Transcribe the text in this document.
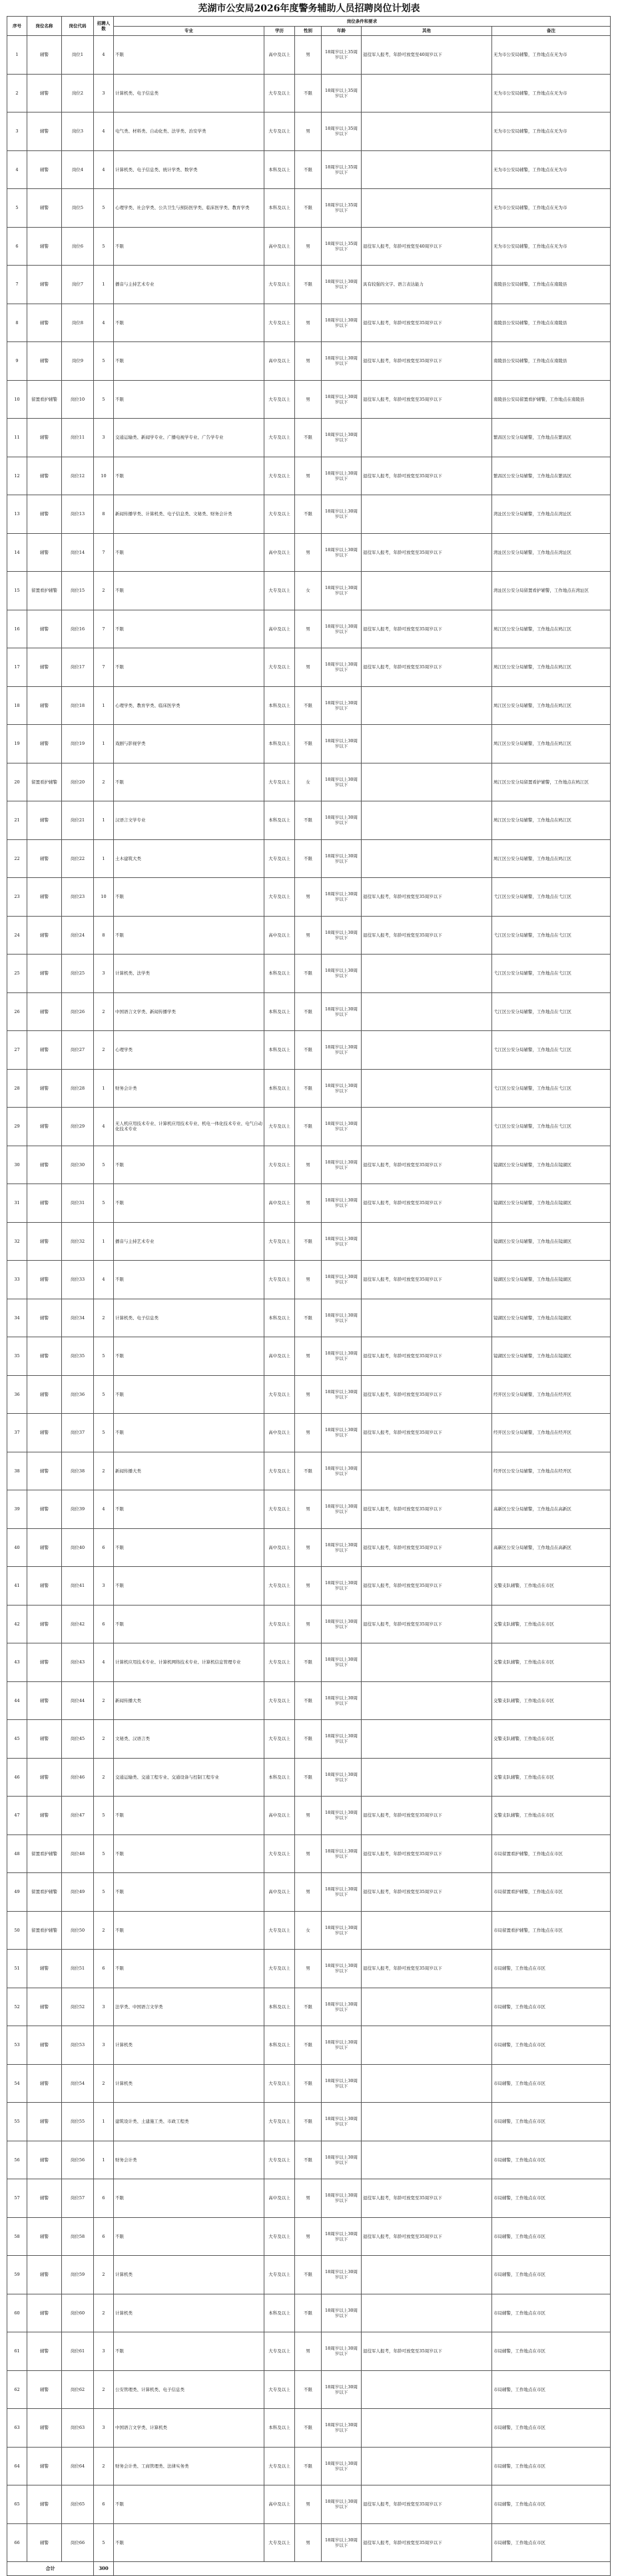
芜湖市公安局2026年度警务辅助人员招聘岗位计划表
序号	岗位名称	岗位代码	招聘人数	岗位条件和要求					
				专业	学历	性别	年龄	其他	备注
1	辅警	岗位1	4	不限	高中及以上	男	18周岁以上35周岁以下	退役军人报考，年龄可放宽至40周岁以下	无为市公安局辅警，工作地点在无为市
2	辅警	岗位2	3	计算机类、电子信息类	大专及以上	不限	18周岁以上35周岁以下		无为市公安局辅警，工作地点在无为市
3	辅警	岗位3	4	电气类、材料类、自动化类、法学类、治安学类	大专及以上	男	18周岁以上35周岁以下		无为市公安局辅警，工作地点在无为市
4	辅警	岗位4	4	计算机类、电子信息类、统计学类、数学类	本科及以上	不限	18周岁以上35周岁以下		无为市公安局辅警，工作地点在无为市
5	辅警	岗位5	5	心理学类、社会学类、公共卫生与预防医学类、临床医学类、教育学类	本科及以上	不限	18周岁以上35周岁以下		无为市公安局辅警，工作地点在无为市
6	辅警	岗位6	5	不限	高中及以上	男	18周岁以上35周岁以下	退役军人报考，年龄可放宽至40周岁以下	无为市公安局辅警，工作地点在无为市
7	辅警	岗位7	1	播音与主持艺术专业	大专及以上	不限	18周岁以上30周岁以下	具有较强的文字、语言表达能力	南陵县公安局辅警，工作地点在南陵县
8	辅警	岗位8	4	不限	大专及以上	男	18周岁以上30周岁以下	退役军人报考，年龄可放宽至35周岁以下	南陵县公安局辅警，工作地点在南陵县
9	辅警	岗位9	5	不限	高中及以上	男	18周岁以上30周岁以下	退役军人报考，年龄可放宽至35周岁以下	南陵县公安局辅警，工作地点在南陵县
10	留置看护辅警	岗位10	5	不限	大专及以上	男	18周岁以上30周岁以下	退役军人报考，年龄可放宽至35周岁以下	南陵县公安局留置看护辅警，工作地点在南陵县
11	辅警	岗位11	3	交通运输类、新闻学专业、广播电视学专业、广告学专业	大专及以上	不限	18周岁以上30周岁以下		繁昌区公安分局辅警，工作地点在繁昌区
12	辅警	岗位12	10	不限	大专及以上	男	18周岁以上30周岁以下	退役军人报考，年龄可放宽至35周岁以下	繁昌区公安分局辅警，工作地点在繁昌区
13	辅警	岗位13	8	新闻传播学类、计算机类、电子信息类、文秘类、财务会计类	大专及以上	不限	18周岁以上30周岁以下		湾沚区公安分局辅警，工作地点在湾沚区
14	辅警	岗位14	7	不限	高中及以上	男	18周岁以上30周岁以下	退役军人报考，年龄可放宽至35周岁以下	湾沚区公安分局辅警，工作地点在湾沚区
15	留置看护辅警	岗位15	2	不限	大专及以上	女	18周岁以上30周岁以下		湾沚区公安分局留置看护辅警，工作地点在湾沚区
16	辅警	岗位16	7	不限	高中及以上	男	18周岁以上30周岁以下	退役军人报考，年龄可放宽至35周岁以下	鸠江区公安分局辅警，工作地点在鸠江区
17	辅警	岗位17	7	不限	大专及以上	男	18周岁以上30周岁以下	退役军人报考，年龄可放宽至35周岁以下	鸠江区公安分局辅警，工作地点在鸠江区
18	辅警	岗位18	1	心理学类、教育学类、临床医学类	本科及以上	不限	18周岁以上30周岁以下		鸠江区公安分局辅警，工作地点在鸠江区
19	辅警	岗位19	1	戏剧与影视学类	本科及以上	不限	18周岁以上30周岁以下		鸠江区公安分局辅警，工作地点在鸠江区
20	留置看护辅警	岗位20	2	不限	大专及以上	女	18周岁以上30周岁以下		鸠江区公安分局留置看护辅警，工作地点在鸠江区
21	辅警	岗位21	1	汉语言文学专业	本科及以上	不限	18周岁以上30周岁以下		鸠江区公安分局辅警，工作地点在鸠江区
22	辅警	岗位22	1	土木建筑大类	大专及以上	不限	18周岁以上30周岁以下		鸠江区公安分局辅警，工作地点在鸠江区
23	辅警	岗位23	10	不限	大专及以上	男	18周岁以上30周岁以下	退役军人报考，年龄可放宽至35周岁以下	弋江区公安分局辅警，工作地点在弋江区
24	辅警	岗位24	8	不限	高中及以上	男	18周岁以上30周岁以下	退役军人报考，年龄可放宽至35周岁以下	弋江区公安分局辅警，工作地点在弋江区
25	辅警	岗位25	3	计算机类、法学类	本科及以上	不限	18周岁以上30周岁以下		弋江区公安分局辅警，工作地点在弋江区
26	辅警	岗位26	2	中国语言文学类、新闻传播学类	本科及以上	不限	18周岁以上30周岁以下		弋江区公安分局辅警，工作地点在弋江区
27	辅警	岗位27	2	心理学类	本科及以上	不限	18周岁以上30周岁以下		弋江区公安分局辅警，工作地点在弋江区
28	辅警	岗位28	1	财务会计类	本科及以上	不限	18周岁以上30周岁以下		弋江区公安分局辅警，工作地点在弋江区
29	辅警	岗位29	4	无人机应用技术专业、计算机应用技术专业、机电一体化技术专业、电气自动化技术专业	大专及以上	不限	18周岁以上30周岁以下		弋江区公安分局辅警，工作地点在弋江区
30	辅警	岗位30	5	不限	大专及以上	男	18周岁以上30周岁以下	退役军人报考，年龄可放宽至35周岁以下	镜湖区公安分局辅警，工作地点在镜湖区
31	辅警	岗位31	5	不限	高中及以上	男	18周岁以上30周岁以下	退役军人报考，年龄可放宽至35周岁以下	镜湖区公安分局辅警，工作地点在镜湖区
32	辅警	岗位32	1	播音与主持艺术专业	大专及以上	不限	18周岁以上30周岁以下		镜湖区公安分局辅警，工作地点在镜湖区
33	辅警	岗位33	4	不限	大专及以上	男	18周岁以上30周岁以下	退役军人报考，年龄可放宽至35周岁以下	镜湖区公安分局辅警，工作地点在镜湖区
34	辅警	岗位34	2	计算机类、电子信息类	本科及以上	不限	18周岁以上30周岁以下		镜湖区公安分局辅警，工作地点在镜湖区
35	辅警	岗位35	5	不限	高中及以上	男	18周岁以上30周岁以下	退役军人报考，年龄可放宽至35周岁以下	镜湖区公安分局辅警，工作地点在镜湖区
36	辅警	岗位36	5	不限	大专及以上	男	18周岁以上30周岁以下	退役军人报考，年龄可放宽至35周岁以下	经开区公安分局辅警，工作地点在经开区
37	辅警	岗位37	5	不限	高中及以上	男	18周岁以上30周岁以下	退役军人报考，年龄可放宽至35周岁以下	经开区公安分局辅警，工作地点在经开区
38	辅警	岗位38	2	新闻传播大类	大专及以上	不限	18周岁以上30周岁以下		经开区公安分局辅警，工作地点在经开区
39	辅警	岗位39	4	不限	大专及以上	男	18周岁以上30周岁以下	退役军人报考，年龄可放宽至35周岁以下	高新区公安分局辅警，工作地点在高新区
40	辅警	岗位40	6	不限	高中及以上	男	18周岁以上30周岁以下	退役军人报考，年龄可放宽至35周岁以下	高新区公安分局辅警，工作地点在高新区
41	辅警	岗位41	3	不限	大专及以上	男	18周岁以上30周岁以下	退役军人报考，年龄可放宽至35周岁以下	交警支队辅警，工作地点在市区
42	辅警	岗位42	6	不限	大专及以上	男	18周岁以上30周岁以下	退役军人报考，年龄可放宽至35周岁以下	交警支队辅警，工作地点在市区
43	辅警	岗位43	4	计算机应用技术专业、计算机网络技术专业、计算机信息管理专业	大专及以上	不限	18周岁以上30周岁以下		交警支队辅警，工作地点在市区
44	辅警	岗位44	2	新闻传播大类	大专及以上	不限	18周岁以上30周岁以下		交警支队辅警，工作地点在市区
45	辅警	岗位45	2	文秘类、汉语言类	大专及以上	不限	18周岁以上30周岁以下		交警支队辅警，工作地点在市区
46	辅警	岗位46	2	交通运输类、交通工程专业、交通设备与控制工程专业	本科及以上	不限	18周岁以上30周岁以下		交警支队辅警，工作地点在市区
47	辅警	岗位47	5	不限	高中及以上	男	18周岁以上30周岁以下	退役军人报考，年龄可放宽至35周岁以下	交警支队辅警，工作地点在市区
48	留置看护辅警	岗位48	5	不限	大专及以上	男	18周岁以上30周岁以下	退役军人报考，年龄可放宽至35周岁以下	市局留置看护辅警，工作地点在市区
49	留置看护辅警	岗位49	5	不限	高中及以上	男	18周岁以上30周岁以下	退役军人报考，年龄可放宽至35周岁以下	市局留置看护辅警，工作地点在市区
50	留置看护辅警	岗位50	2	不限	大专及以上	女	18周岁以上30周岁以下		市局留置看护辅警，工作地点在市区
51	辅警	岗位51	6	不限	大专及以上	男	18周岁以上30周岁以下	退役军人报考，年龄可放宽至35周岁以下	市局辅警，工作地点在市区
52	辅警	岗位52	3	法学类、中国语言文学类	本科及以上	不限	18周岁以上30周岁以下		市局辅警，工作地点在市区
53	辅警	岗位53	3	计算机类	本科及以上	不限	18周岁以上30周岁以下		市局辅警，工作地点在市区
54	辅警	岗位54	2	计算机类	大专及以上	不限	18周岁以上30周岁以下		市局辅警，工作地点在市区
55	辅警	岗位55	1	建筑设计类、土建施工类、市政工程类	大专及以上	不限	18周岁以上30周岁以下		市局辅警，工作地点在市区
56	辅警	岗位56	1	财务会计类	大专及以上	不限	18周岁以上30周岁以下		市局辅警，工作地点在市区
57	辅警	岗位57	6	不限	高中及以上	男	18周岁以上30周岁以下	退役军人报考，年龄可放宽至35周岁以下	市局辅警，工作地点在市区
58	辅警	岗位58	6	不限	大专及以上	男	18周岁以上30周岁以下	退役军人报考，年龄可放宽至35周岁以下	市局辅警，工作地点在市区
59	辅警	岗位59	2	计算机类	大专及以上	不限	18周岁以上30周岁以下		市局辅警，工作地点在市区
60	辅警	岗位60	2	计算机类	本科及以上	不限	18周岁以上30周岁以下		市局辅警，工作地点在市区
61	辅警	岗位61	3	不限	大专及以上	男	18周岁以上30周岁以下	退役军人报考，年龄可放宽至35周岁以下	市局辅警，工作地点在市区
62	辅警	岗位62	2	公安管理类、计算机类、电子信息类	大专及以上	不限	18周岁以上30周岁以下		市局辅警，工作地点在市区
63	辅警	岗位63	3	中国语言文学类、计算机类	本科及以上	不限	18周岁以上30周岁以下		市局辅警，工作地点在市区
64	辅警	岗位64	2	财务会计类、工商管理类、法律实务类	大专及以上	不限	18周岁以上30周岁以下		市局辅警，工作地点在市区
65	辅警	岗位65	6	不限	高中及以上	男	18周岁以上30周岁以下	退役军人报考，年龄可放宽至35周岁以下	市局辅警，工作地点在市区
66	辅警	岗位66	5	不限	大专及以上	男	18周岁以上30周岁以下	退役军人报考，年龄可放宽至35周岁以下	市局辅警，工作地点在市区
合计			300						
